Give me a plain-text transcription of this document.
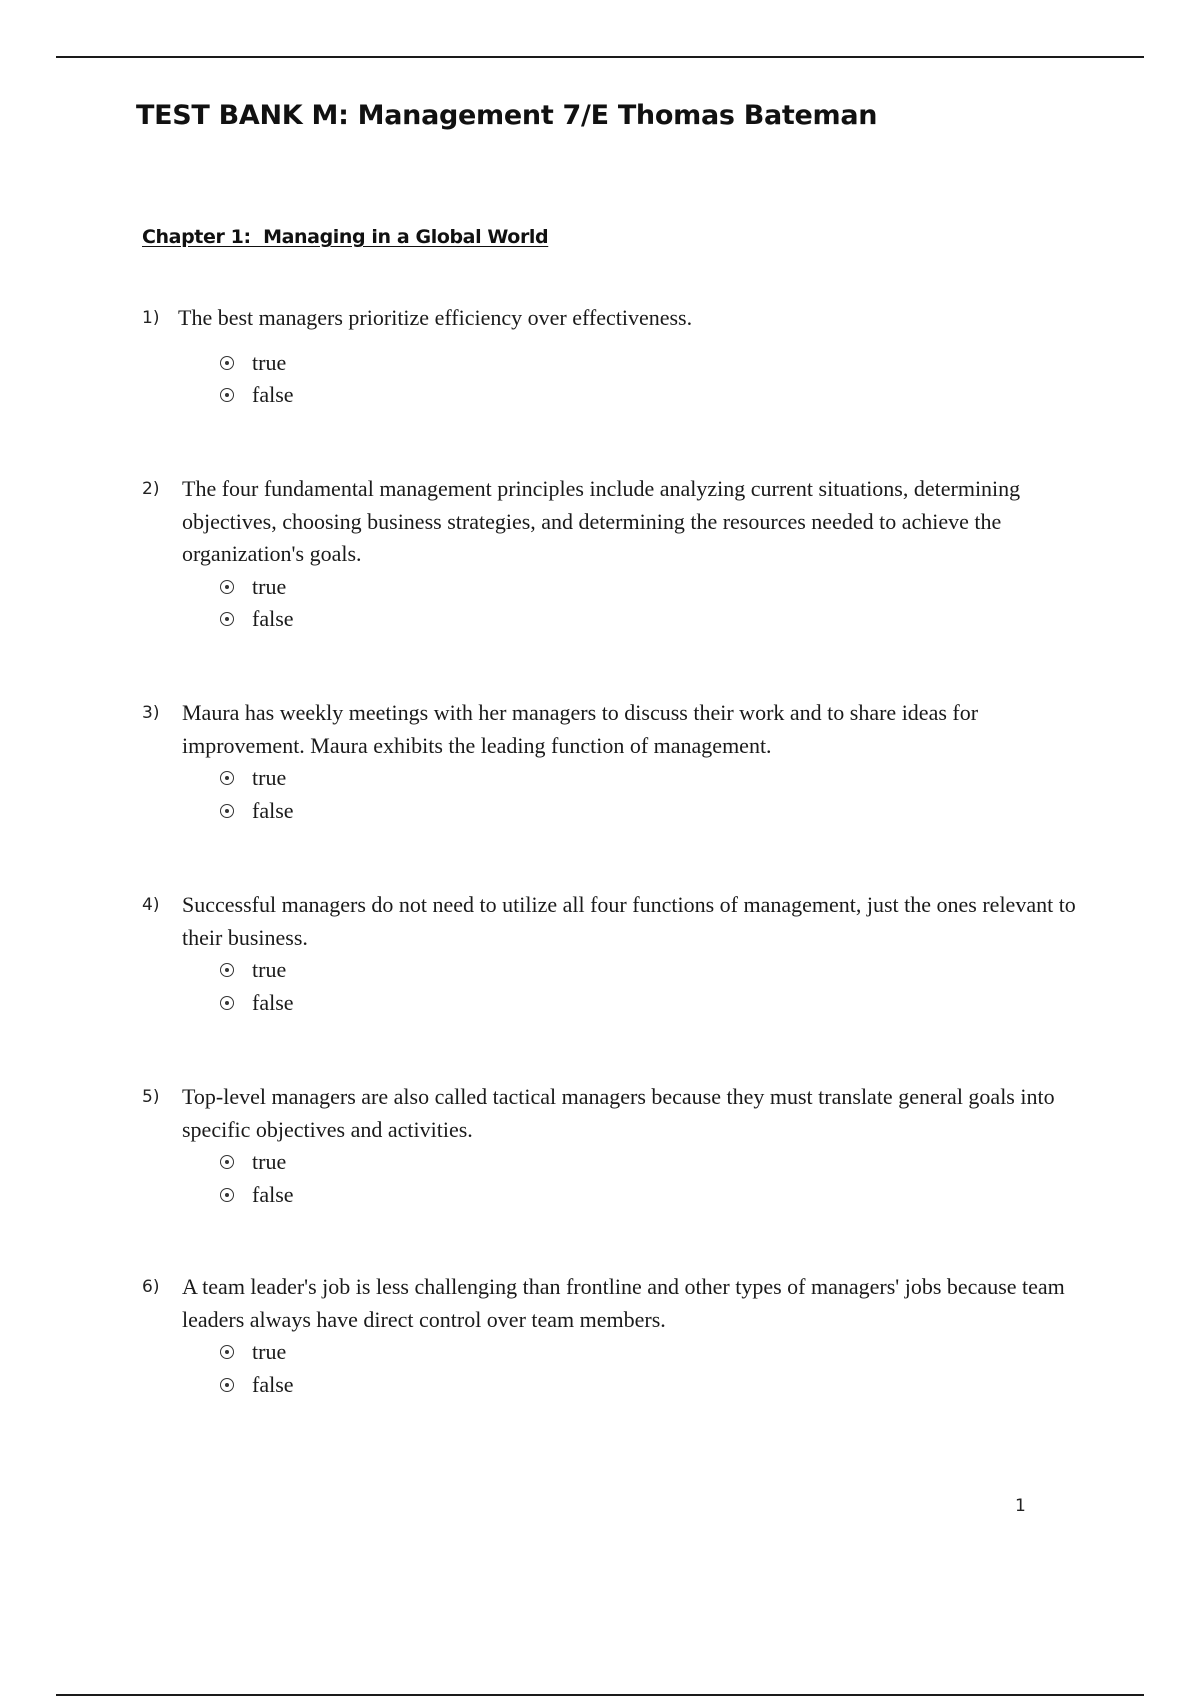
TEST BANK M: Management 7/E Thomas Bateman
Chapter 1:  Managing in a Global World
1) The best managers prioritize efficiency over effectiveness.
true
false
2)	The four fundamental management principles include analyzing current situations, determining objectives, choosing business strategies, and determining the resources needed to achieve the organization's goals.
true
false
3)	Maura has weekly meetings with her managers to discuss their work and to share ideas for improvement. Maura exhibits the leading function of management.
true
false
4)	Successful managers do not need to utilize all four functions of management, just the ones relevant to their business.
true
false
5)	Top-level managers are also called tactical managers because they must translate general goals into specific objectives and activities.
true
false
6)	A team leader's job is less challenging than frontline and other types of managers' jobs because team leaders always have direct control over team members.
true
false
1
